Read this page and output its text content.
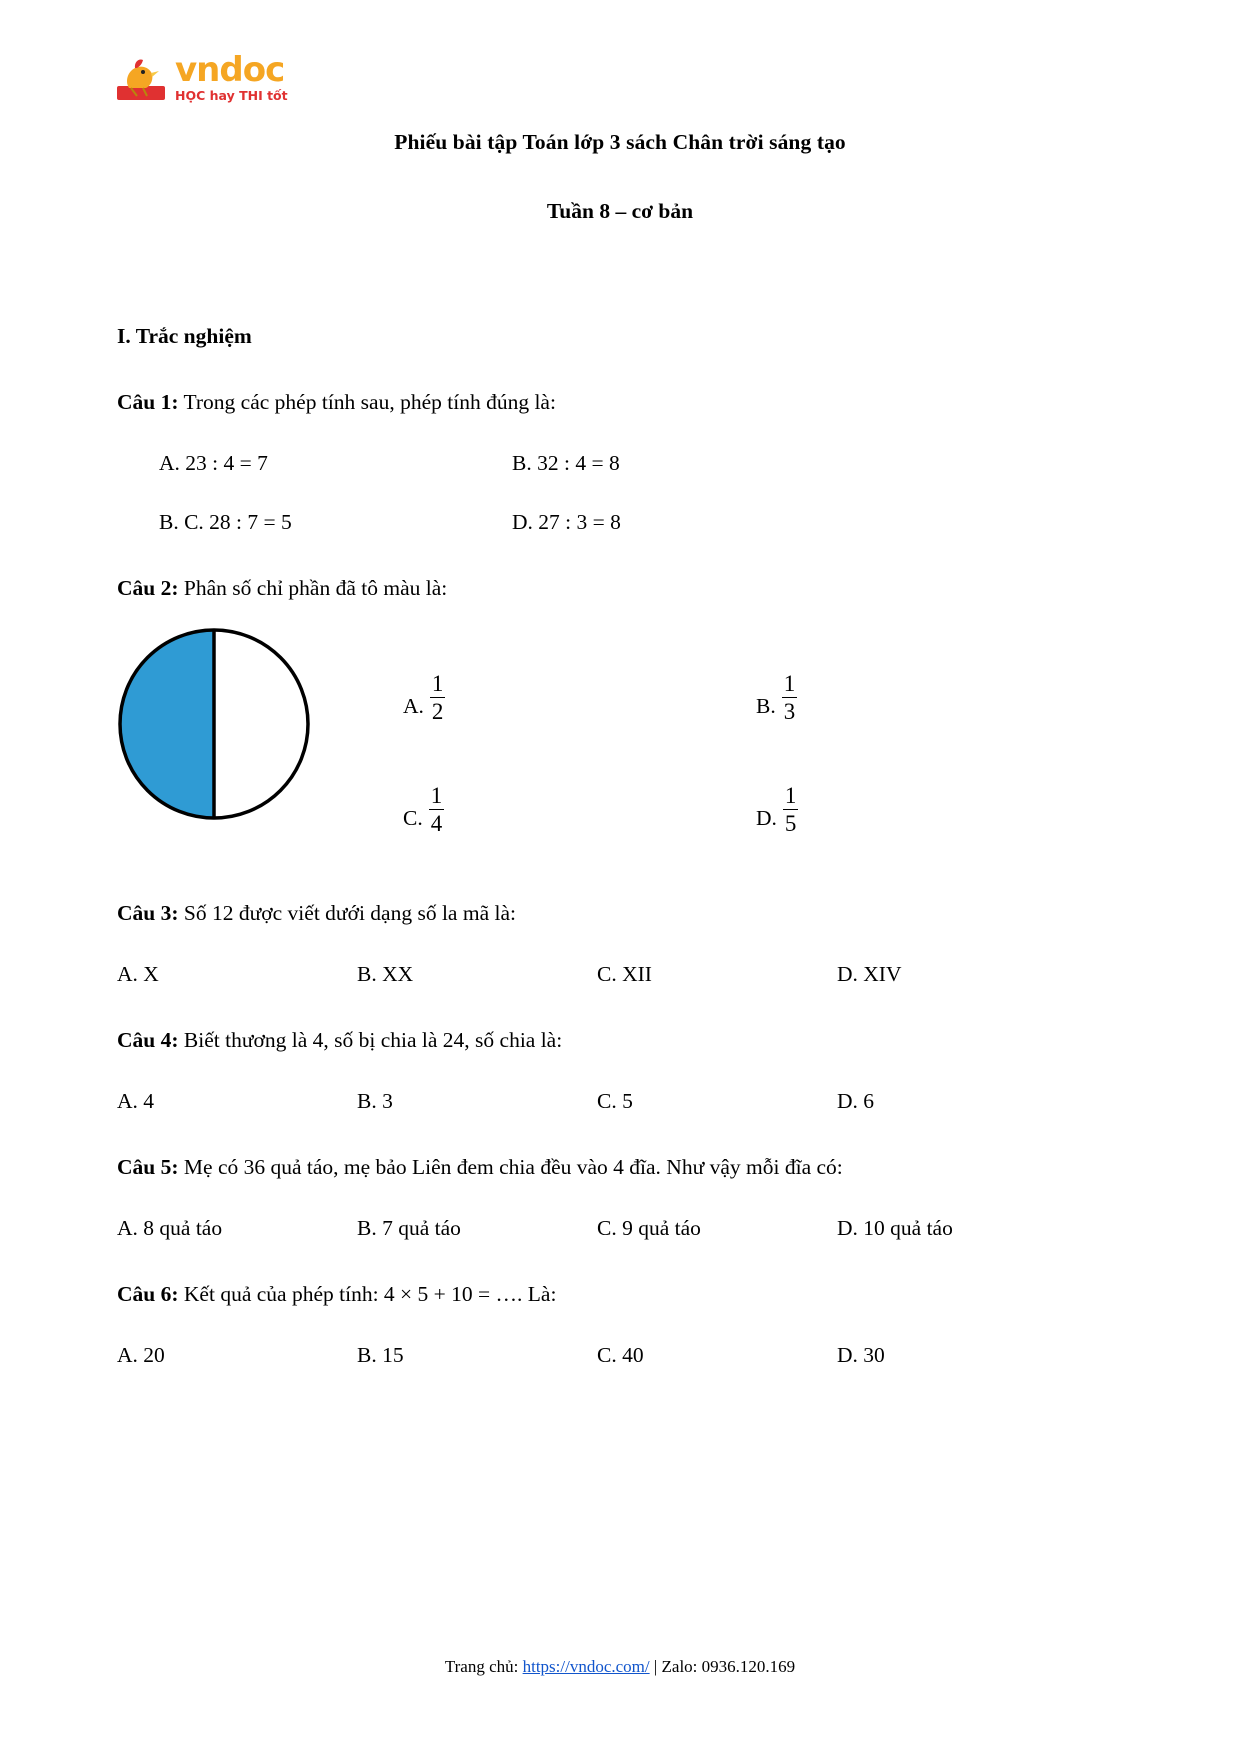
vndoc
HỌC hay THI tốt
Phiếu bài tập Toán lớp 3 sách Chân trời sáng tạo
Tuần 8 – cơ bản
I. Trắc nghiệm
Câu 1: Trong các phép tính sau, phép tính đúng là:
A. 23 : 4 = 7	B. 32 : 4 = 8
B. C. 28 : 7 = 5	D. 27 : 3 = 8
Câu 2: Phân số chỉ phần đã tô màu là:
A. $\frac{1}{2}$	B. $\frac{1}{3}$
C. $\frac{1}{4}$	D. $\frac{1}{5}$
Câu 3: Số 12 được viết dưới dạng số la mã là:
A. X	B. XX	C. XII	D. XIV
Câu 4: Biết thương là 4, số bị chia là 24, số chia là:
A. 4	B. 3	C. 5	D. 6
Câu 5: Mẹ có 36 quả táo, mẹ bảo Liên đem chia đều vào 4 đĩa. Như vậy mỗi đĩa có:
A. 8 quả táo	B. 7 quả táo	C. 9 quả táo	D. 10 quả táo
Câu 6: Kết quả của phép tính: 4 × 5 + 10 = …. Là:
A. 20	B. 15	C. 40	D. 30
Trang chủ: https://vndoc.com/ | Zalo: 0936.120.169
